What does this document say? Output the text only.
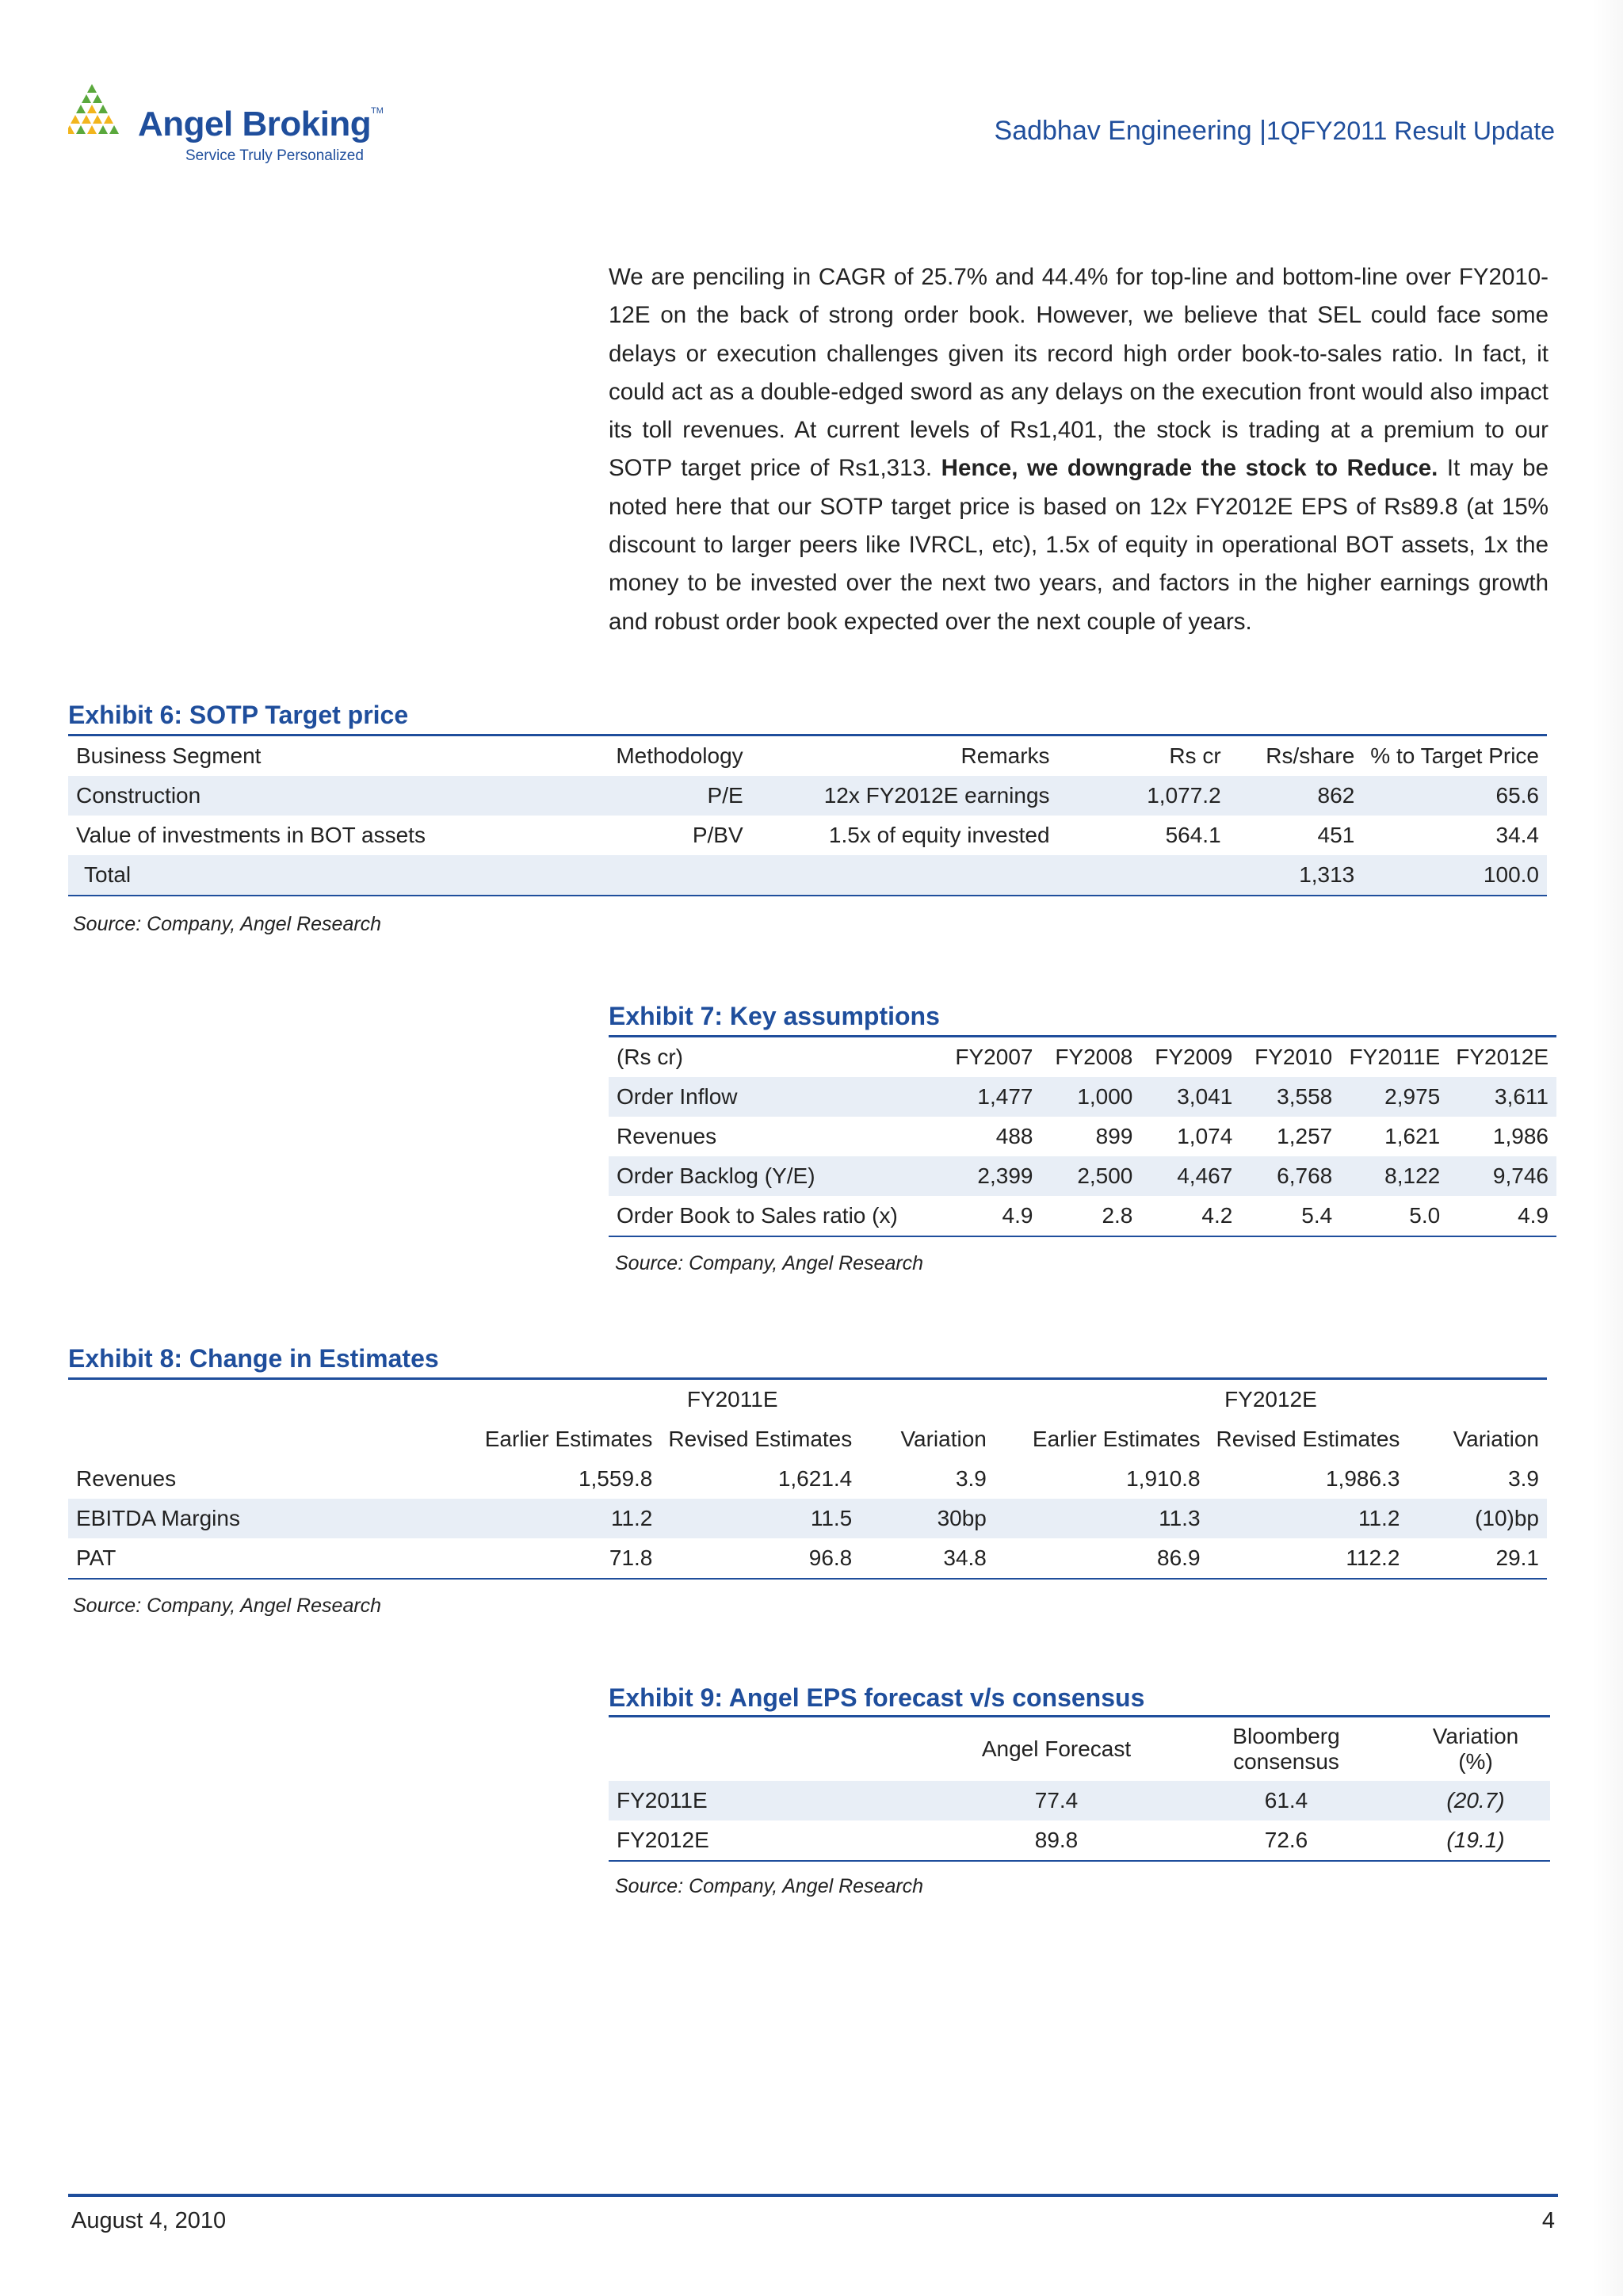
Angel Broking TM
Service Truly Personalized
Sadbhav Engineering |1QFY2011 Result Update
We are penciling in CAGR of 25.7% and 44.4% for top-line and bottom-line over FY2010-12E on the back of strong order book. However, we believe that SEL could face some delays or execution challenges given its record high order book-to-sales ratio. In fact, it could act as a double-edged sword as any delays on the execution front would also impact its toll revenues. At current levels of Rs1,401, the stock is trading at a premium to our SOTP target price of Rs1,313. Hence, we downgrade the stock to Reduce. It may be noted here that our SOTP target price is based on 12x FY2012E EPS of Rs89.8 (at 15% discount to larger peers like IVRCL, etc), 1.5x of equity in operational BOT assets, 1x the money to be invested over the next two years, and factors in the higher earnings growth and robust order book expected over the next couple of years.
Exhibit 6: SOTP Target price
Business Segment	Methodology	Remarks	Rs cr	Rs/share	% to Target Price
Construction	P/E	12x FY2012E earnings	1,077.2	862	65.6
Value of investments in BOT assets	P/BV	1.5x of equity invested	564.1	451	34.4
Total				1,313	100.0
Source: Company, Angel Research
Exhibit 7: Key assumptions
(Rs cr)	FY2007	FY2008	FY2009	FY2010	FY2011E	FY2012E
Order Inflow	1,477	1,000	3,041	3,558	2,975	3,611
Revenues	488	899	1,074	1,257	1,621	1,986
Order Backlog (Y/E)	2,399	2,500	4,467	6,768	8,122	9,746
Order Book to Sales ratio (x)	4.9	2.8	4.2	5.4	5.0	4.9
Source: Company, Angel Research
Exhibit 8: Change in Estimates
	FY2011E			FY2012E		
	Earlier Estimates	Revised Estimates	Variation	Earlier Estimates	Revised Estimates	Variation
Revenues	1,559.8	1,621.4	3.9	1,910.8	1,986.3	3.9
EBITDA Margins	11.2	11.5	30bp	11.3	11.2	(10)bp
PAT	71.8	96.8	34.8	86.9	112.2	29.1
Source: Company, Angel Research
Exhibit 9: Angel EPS forecast v/s consensus
	Angel Forecast	Bloomberg consensus	Variation (%)
FY2011E	77.4	61.4	(20.7)
FY2012E	89.8	72.6	(19.1)
Source: Company, Angel Research
August 4, 2010	4
